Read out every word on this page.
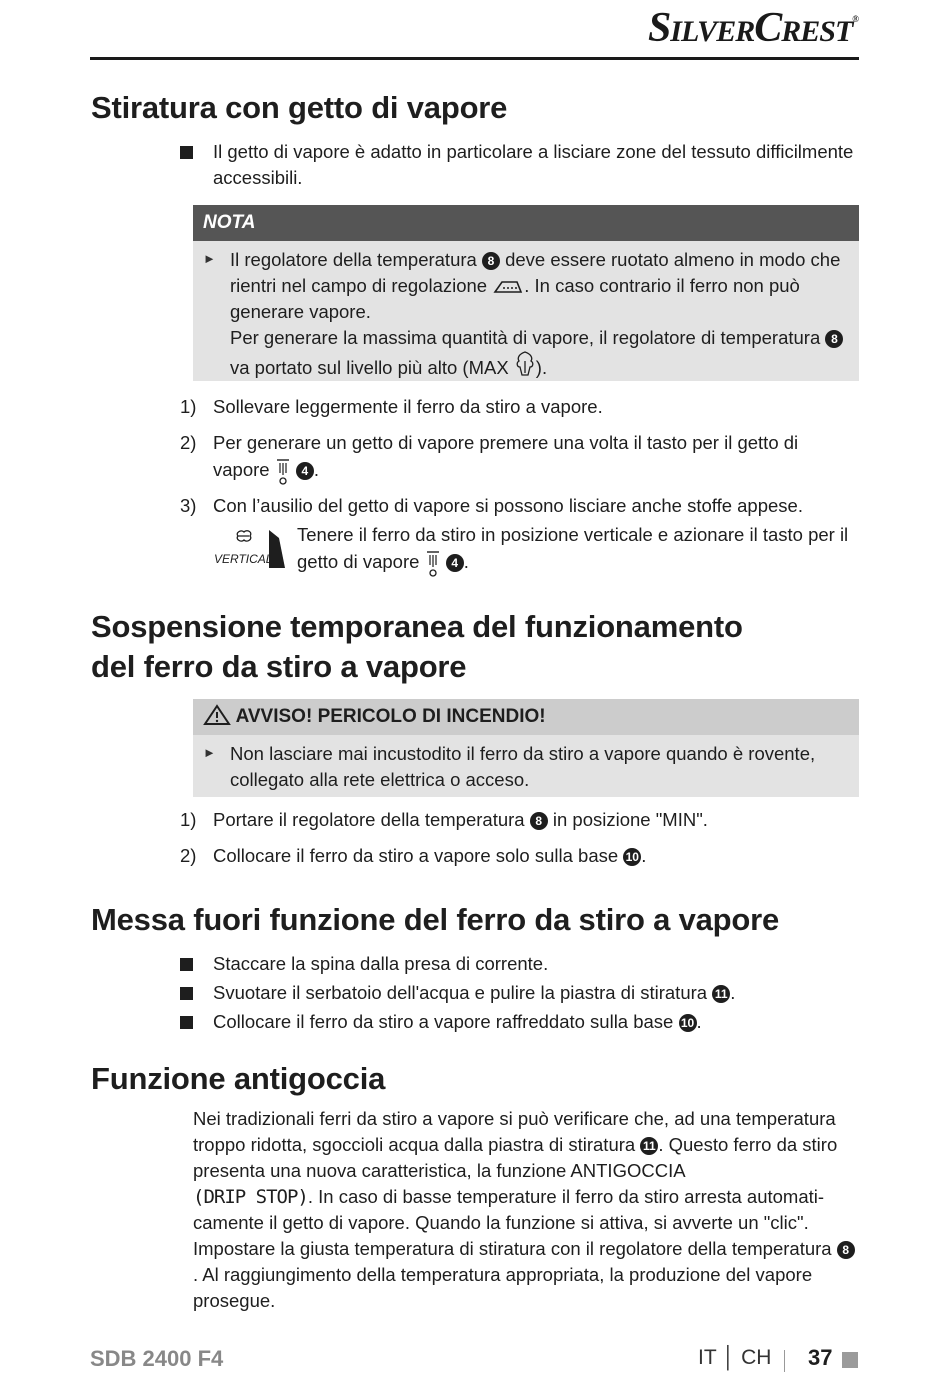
SILVERCREST®
Stiratura con getto di vapore
Il getto di vapore è adatto in particolare a lisciare zone del tessuto difficilmente accessibili.
NOTA
► Il regolatore della temperatura 8 deve essere ruotato almeno in modo che rientri nel campo di regolazione . In caso contrario il ferro non può generare vapore.
Per generare la massima quantità di vapore, il regolatore di temperatura 8 va portato sul livello più alto (MAX ).
1) Sollevare leggermente il ferro da stiro a vapore.
2) Per generare un getto di vapore premere una volta il tasto per il getto di vapore	4 .
3) Con l’ausilio del getto di vapore si possono lisciare anche stoffe appese.
VERTICAL
Tenere il ferro da stiro in posizione verticale e azionare il tasto per il getto di vapore	4 .
Sospensione temporanea del funzionamento
del ferro da stiro a vapore
AVVISO! PERICOLO DI INCENDIO!
► Non lasciare mai incustodito il ferro da stiro a vapore quando è rovente, collegato alla rete elettrica o acceso.
1) Portare il regolatore della temperatura 8 in posizione "MIN".
2) Collocare il ferro da stiro a vapore solo sulla base 10 .
Messa fuori funzione del ferro da stiro a vapore
Staccare la spina dalla presa di corrente.
Svuotare il serbatoio dell'acqua e pulire la piastra di stiratura 11 .
Collocare il ferro da stiro a vapore raffreddato sulla base 10 .
Funzione antigoccia
Nei tradizionali ferri da stiro a vapore si può verificare che, ad una temperatura troppo ridotta, sgoccioli acqua dalla piastra di stiratura 11 . Questo ferro da stiro presenta una nuova caratteristica, la funzione ANTIGOCCIA
(DRIP STOP). In caso di basse temperature il ferro da stiro arresta automati-camente il getto di vapore. Quando la funzione si attiva, si avverte un "clic". Impostare la giusta temperatura di stiratura con il regolatore della temperatura 8. Al raggiungimento della temperatura appropriata, la produzione del vapore prosegue.
SDB 2400 F4	IT │ CH 37
